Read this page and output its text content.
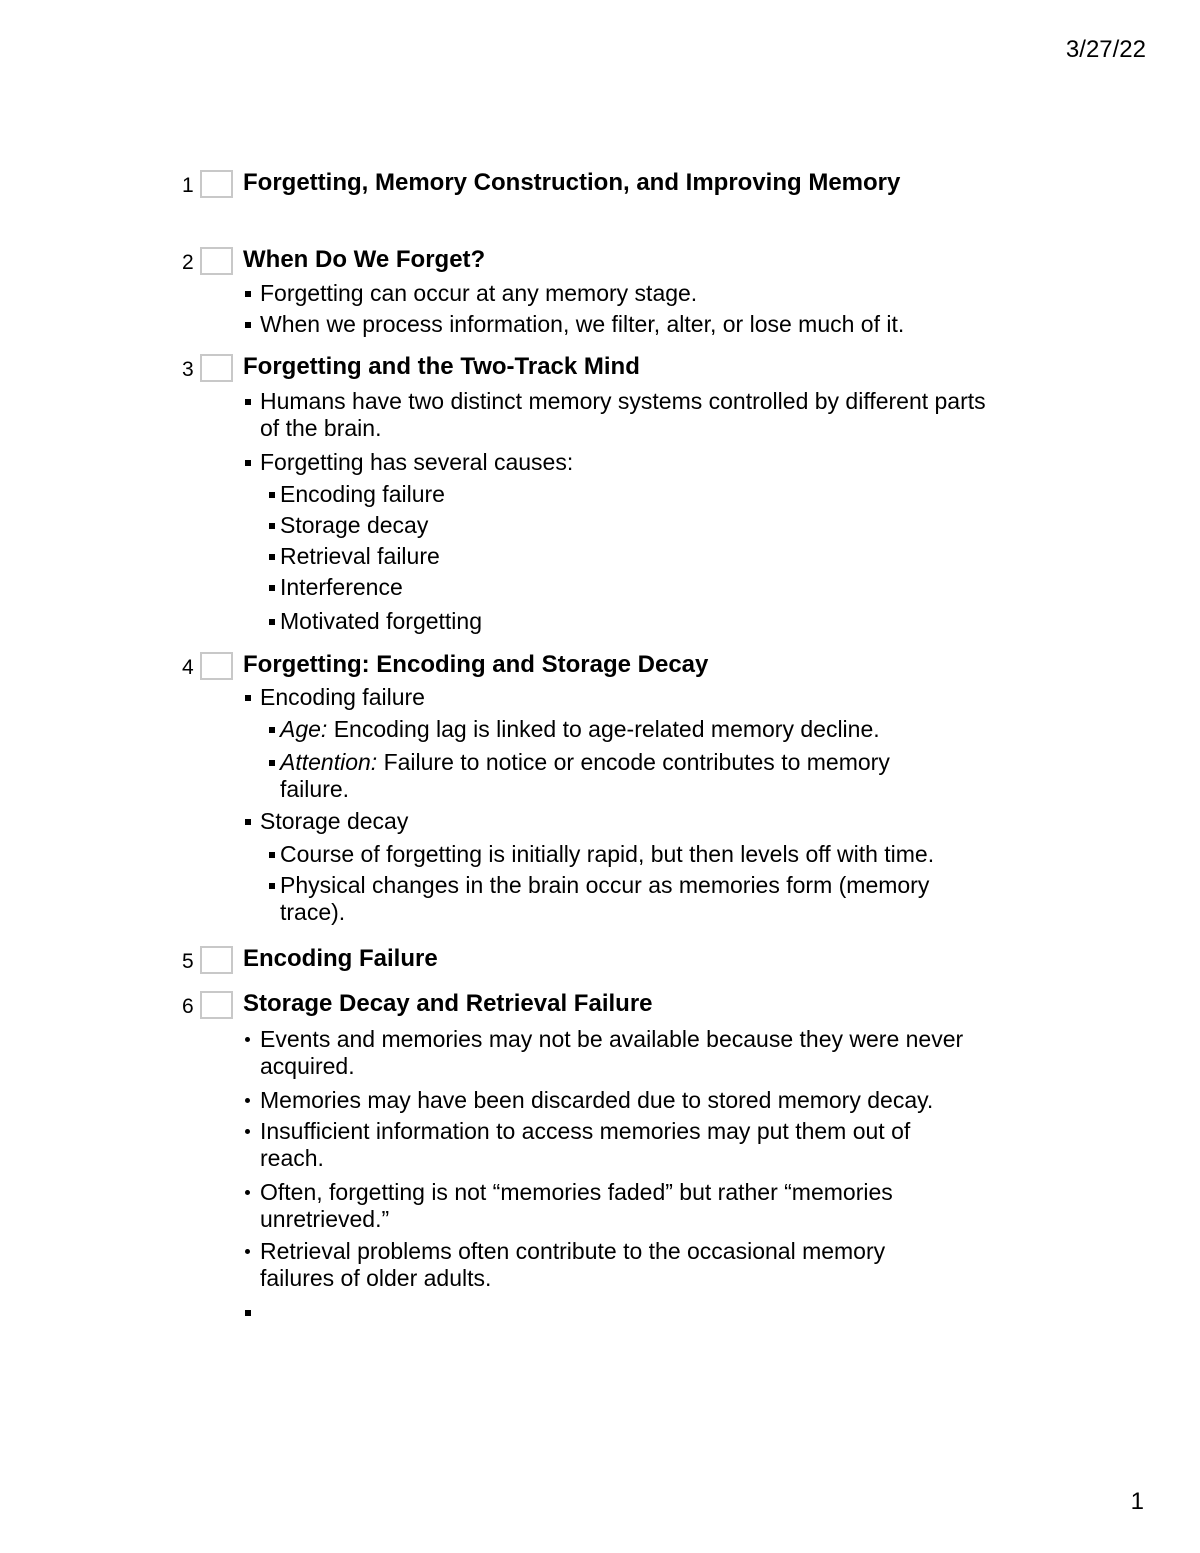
3/27/22
1 Forgetting, Memory Construction, and Improving Memory
2 When Do We Forget?
Forgetting can occur at any memory stage.
When we process information, we filter, alter, or lose much of it.
3 Forgetting and the Two-Track Mind
Humans have two distinct memory systems controlled by different parts of the brain.
Forgetting has several causes:
Encoding failure
Storage decay
Retrieval failure
Interference
Motivated forgetting
4 Forgetting: Encoding and Storage Decay
Encoding failure
Age: Encoding lag is linked to age-related memory decline.
Attention: Failure to notice or encode contributes to memory failure.
Storage decay
Course of forgetting is initially rapid, but then levels off with time.
Physical changes in the brain occur as memories form (memory trace).
5 Encoding Failure
6 Storage Decay and Retrieval Failure
Events and memories may not be available because they were never acquired.
Memories may have been discarded due to stored memory decay.
Insufficient information to access memories may put them out of reach.
Often, forgetting is not “memories faded” but rather “memories unretrieved.”
Retrieval problems often contribute to the occasional memory failures of older adults.
1
